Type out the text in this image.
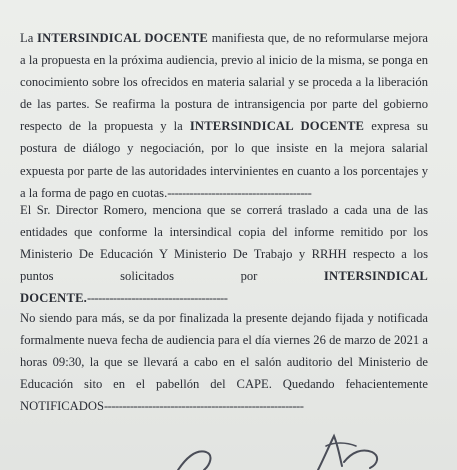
La INTERSINDICAL DOCENTE manifiesta que, de no reformularse mejora a la propuesta en la próxima audiencia, previo al inicio de la misma, se ponga en conocimiento sobre los ofrecidos en materia salarial y se proceda a la liberación de las partes. Se reafirma la postura de intransigencia por parte del gobierno respecto de la propuesta y la INTERSINDICAL DOCENTE expresa su postura de diálogo y negociación, por lo que insiste en la mejora salarial expuesta por parte de las autoridades intervinientes en cuanto a los porcentajes y a la forma de pago en cuotas.---------------------------------------

El Sr. Director Romero, menciona que se correrá traslado a cada una de las entidades que conforme la intersindical copia del informe remitido por los Ministerio De Educación Y Ministerio De Trabajo y RRHH respecto a los puntos solicitados por INTERSINDICAL DOCENTE.--------------------------------------

No siendo para más, se da por finalizada la presente dejando fijada y notificada formalmente nueva fecha de audiencia para el día viernes 26 de marzo de 2021 a horas 09:30, la que se llevará a cabo en el salón auditorio del Ministerio de Educación sito en el pabellón del CAPE. Quedando fehacientemente NOTIFICADOS------------------------------------------------------
